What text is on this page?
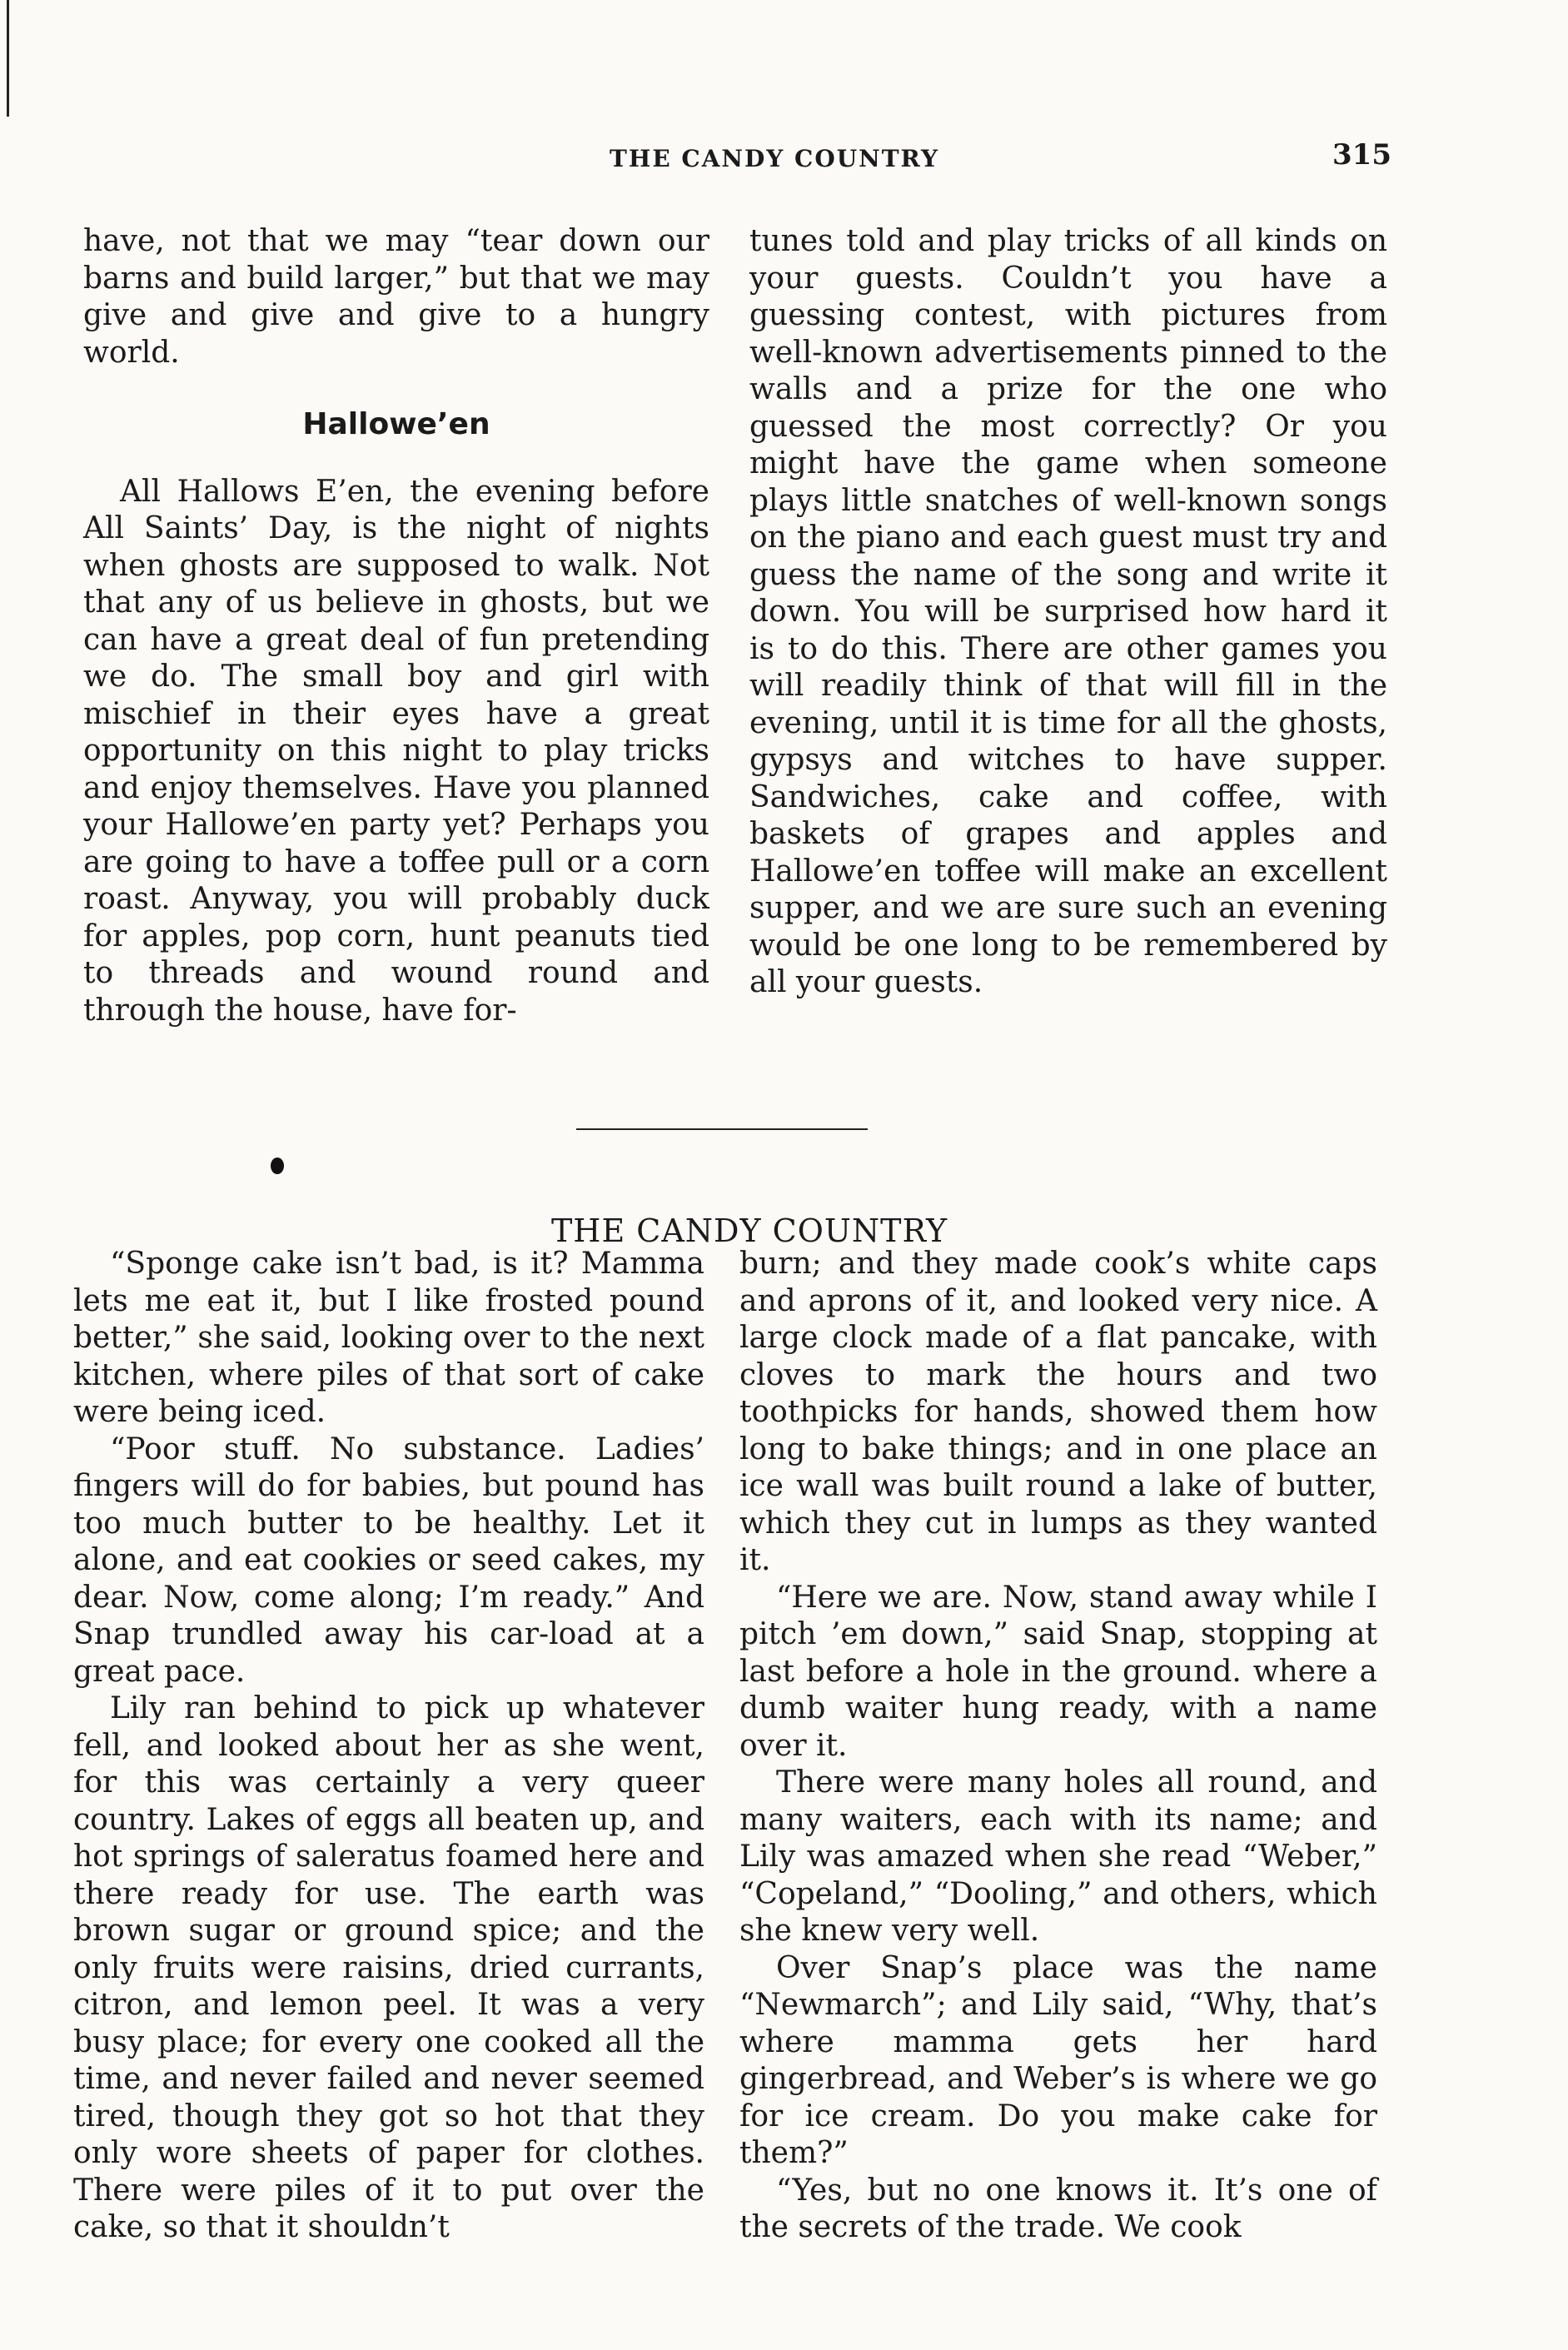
THE CANDY COUNTRY	315

have, not that we may “tear down our barns and build larger,” but that we may give and give and give to a hungry world.

Hallowe’en

All Hallows E’en, the evening before All Saints’ Day, is the night of nights when ghosts are supposed to walk. Not that any of us believe in ghosts, but we can have a great deal of fun pretending we do. The small boy and girl with mischief in their eyes have a great opportunity on this night to play tricks and enjoy themselves. Have you planned your Hallowe’en party yet? Perhaps you are going to have a toffee pull or a corn roast. Anyway, you will probably duck for apples, pop corn, hunt peanuts tied to threads and wound round and through the house, have for-

tunes told and play tricks of all kinds on your guests. Couldn’t you have a guessing contest, with pictures from well-known advertisements pinned to the walls and a prize for the one who guessed the most correctly? Or you might have the game when someone plays little snatches of well-known songs on the piano and each guest must try and guess the name of the song and write it down. You will be surprised how hard it is to do this. There are other games you will readily think of that will fill in the evening, until it is time for all the ghosts, gypsys and witches to have supper. Sandwiches, cake and coffee, with baskets of grapes and apples and Hallowe’en toffee will make an excellent supper, and we are sure such an evening would be one long to be remembered by all your guests.

THE CANDY COUNTRY

“Sponge cake isn’t bad, is it? Mamma lets me eat it, but I like frosted pound better,” she said, looking over to the next kitchen, where piles of that sort of cake were being iced.

“Poor stuff. No substance. Ladies’ fingers will do for babies, but pound has too much butter to be healthy. Let it alone, and eat cookies or seed cakes, my dear. Now, come along; I’m ready.” And Snap trundled away his car-load at a great pace.

Lily ran behind to pick up whatever fell, and looked about her as she went, for this was certainly a very queer country. Lakes of eggs all beaten up, and hot springs of saleratus foamed here and there ready for use. The earth was brown sugar or ground spice; and the only fruits were raisins, dried currants, citron, and lemon peel. It was a very busy place; for every one cooked all the time, and never failed and never seemed tired, though they got so hot that they only wore sheets of paper for clothes. There were piles of it to put over the cake, so that it shouldn’t

burn; and they made cook’s white caps and aprons of it, and looked very nice. A large clock made of a flat pancake, with cloves to mark the hours and two toothpicks for hands, showed them how long to bake things; and in one place an ice wall was built round a lake of butter, which they cut in lumps as they wanted it.

“Here we are. Now, stand away while I pitch ’em down,” said Snap, stopping at last before a hole in the ground. where a dumb waiter hung ready, with a name over it.

There were many holes all round, and many waiters, each with its name; and Lily was amazed when she read “Weber,” “Copeland,” “Dooling,” and others, which she knew very well.

Over Snap’s place was the name “Newmarch”; and Lily said, “Why, that’s where mamma gets her hard gingerbread, and Weber’s is where we go for ice cream. Do you make cake for them?”

“Yes, but no one knows it. It’s one of the secrets of the trade. We cook
